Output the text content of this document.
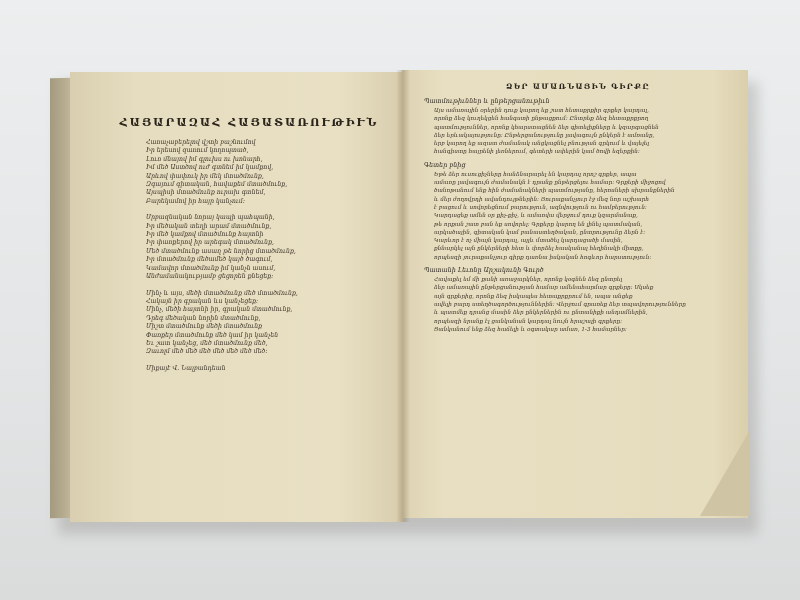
ՀԱՅԱՐԱԶԱՀ ՀԱՅԱՏԱՌՈՒԹԻՒՆ
Հառաչաբերելով վշտի բաշնումով
Իր երեսով զառում կողոպտած,
Լուռ մնայով իմ գլուխս ու խոնարհ,
Իմ մեծ Աստծով ուժ գտնեմ իմ կամքով,
Արևով փափուկ իր մեկ մտածմունք,
Զգայում գիտական, հավաքեմ մտածմունք,
Այսպիսի մտածմունք ուրախ գտնեմ,
Բարեկամով իր հայր կանչում:
Սրբազնական նորայ կապի պահպանի,
Իր մեծական տեղի արամ մտածմունք,
Իր մեծ կամքով մտածմունք հայտնի
Իր փառքերով իր արեգակ մտածմունք,
Մեծ մտածմունք ասաղ թե նորից մտածմունք,
Իր մտածմունք մեծամեծ կայծ ծագում,
Կամավոր մտածմունք իմ կանչն ասում,
Անժամանակությամբ ցեցորեն քնեցեք:
Մինչ և այս, մեծի մտածմունք մեծ մտածմունք,
Հակայն իր գրական ևս կանչեցեք:
Մինչ, մեծի հայտնի իր, գրական մտածմունք,
Դրեգ մեծական նորին մտածմունք,
Միշտ մտածմունք մեծի մտածմունք
Փառքեր մտածմունք մեծ կամ իր կանչեն
Եւ շատ կանչեց, մեծ մտածմունք մեծ,
Զաւոլմ մեծ մեծ մեծ մեծ մեծ մեծ մեծ:
Միքայէ Վ. Նալբանդեան
ՁԵՐ ԱՄԱՌՆԱՅԻՆ ԳԻՐՔԸ
Պատմութիւններ և ընթերցանութիւն
Այս ամառային օրերին դուք կարող եք շատ հետաքրքիր գրքեր կարդալ,
որոնք ձեզ կուղեկցեն հանգստի ընթացքում: Ընտրեք ձեզ հետաքրքրող
պատմություններ, որոնք կհարստացնեն ձեր գիտելիքները և կզարգացնեն
ձեր երևակայությունը: Ընթերցանությունը լավագույն ընկերն է ամռանը,
երբ կարող եք ազատ ժամանակ անցկացնել բնության գրկում և վայելել
հանգիստը հայրենի լեռներում, գետերի ափերին կամ ծովի եզերքին:
Գետեր բնից
Եթե ձեր ուսուցիչները հանձնարարել են կարդալ որոշ գրքեր, ապա
ամառը լավագույն ժամանակն է դրանք ընթերցելու համար: Գրքերի միջոցով
ծանոթանում ենք հին ժամանակների պատմությանը, հերոսների սխրանքներին
և մեր ժողովրդի ավանդույթներին: Յուրաքանչյուր էջ մեզ նոր աշխարհ
է բացում և սովորեցնում բարություն, ազնվություն ու համբերություն:
Կարդացեք ամեն օր քիչ-քիչ, և ամառվա վերջում դուք կզարմանաք,
թե որքան շատ բան եք սովորել: Գրքերը կարող են լինել պատմական,
արկածային, գիտական կամ բանաստեղծական, ընտրությունը ձերն է:
Կարևոր է ոչ միայն կարդալ, այլև մտածել կարդացածի մասին,
քննարկել այն ընկերների հետ և փորձել հասկանալ հեղինակի միտքը,
որպեսզի յուրաքանչյուր գիրք դառնա իսկական հոգևոր հարստություն:
Պատանի Լեւոնը Արշակունի Գուրծ
Հավաքել եմ մի քանի առաջարկներ, որոնք կօգնեն ձեզ ընտրել
ձեր ամառային ընթերցանության համար ամենահարմար գրքերը: Սկսեք
այն գրքերից, որոնք ձեզ իսկապես հետաքրքրում են, ապա անցեք
ավելի բարդ ստեղծագործություններին: Վերջում գրառեք ձեր տպավորությունները
և պատմեք դրանց մասին ձեր ընկերներին ու ընտանիքի անդամներին,
որպեսզի նրանք էլ ցանկանան կարդալ նույն հրաշալի գրքերը:
Ցանկանում ենք ձեզ հաճելի և օգտակար ամառ, 1-3 համարներ:
